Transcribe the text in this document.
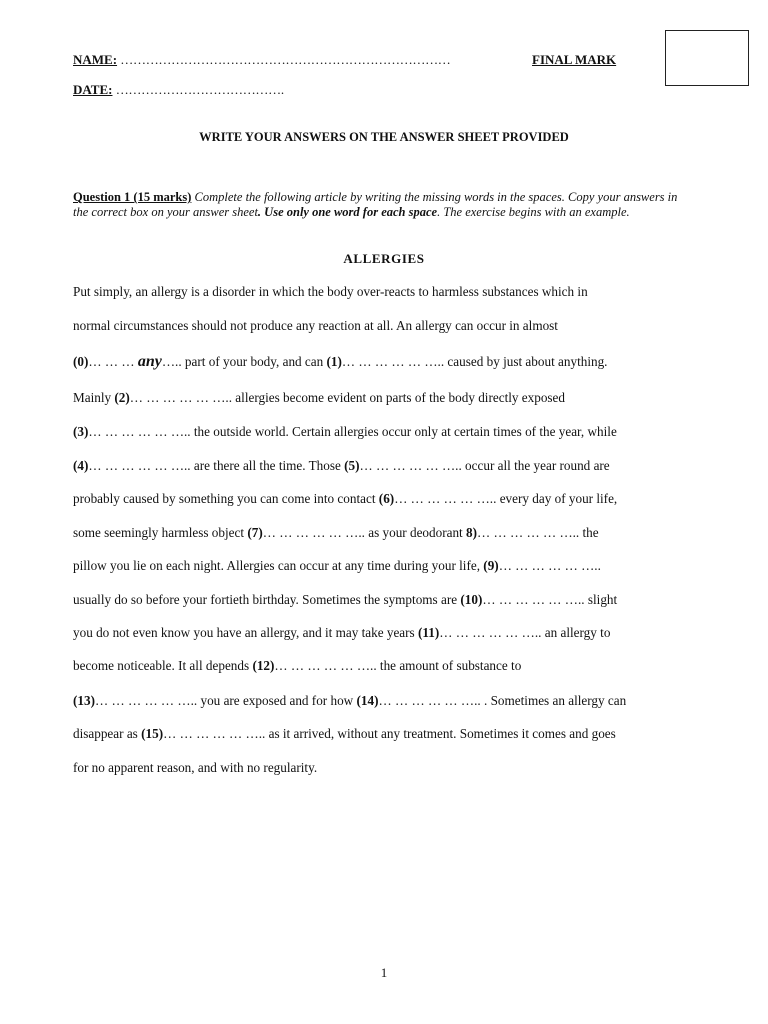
NAME: ……………………………………………………………………	FINAL MARK
DATE: ………………………………….
WRITE YOUR ANSWERS ON THE ANSWER SHEET PROVIDED
Question 1 (15 marks) Complete the following article by writing the missing words in the spaces. Copy your answers in the correct box on your answer sheet. Use only one word for each space. The exercise begins with an example.
ALLERGIES
Put simply, an allergy is a disorder in which the body over-reacts to harmless substances which in
normal circumstances should not produce any reaction at all. An allergy can occur in almost
(0)… … … any….. part of your body, and can (1)… … … … … ….. caused by just about anything.
Mainly (2)… … … … … ….. allergies become evident on parts of the body directly exposed
(3)… … … … … ….. the outside world. Certain allergies occur only at certain times of the year, while
(4)… … … … … ….. are there all the time. Those (5)… … … … … ….. occur all the year round are
probably caused by something you can come into contact (6)… … … … … ….. every day of your life,
some seemingly harmless object (7)… … … … … ….. as your deodorant 8)… … … … … ….. the
pillow you lie on each night. Allergies can occur at any time during your life, (9)… … … … … …..
usually do so before your fortieth birthday. Sometimes the symptoms are (10)… … … … … ….. slight
you do not even know you have an allergy, and it may take years (11)… … … … … ….. an allergy to
become noticeable. It all depends (12)… … … … … ….. the amount of substance to
(13)… … … … … ….. you are exposed and for how (14)… … … … … ….. . Sometimes an allergy can
disappear as (15)… … … … … ….. as it arrived, without any treatment. Sometimes it comes and goes
for no apparent reason, and with no regularity.
1
